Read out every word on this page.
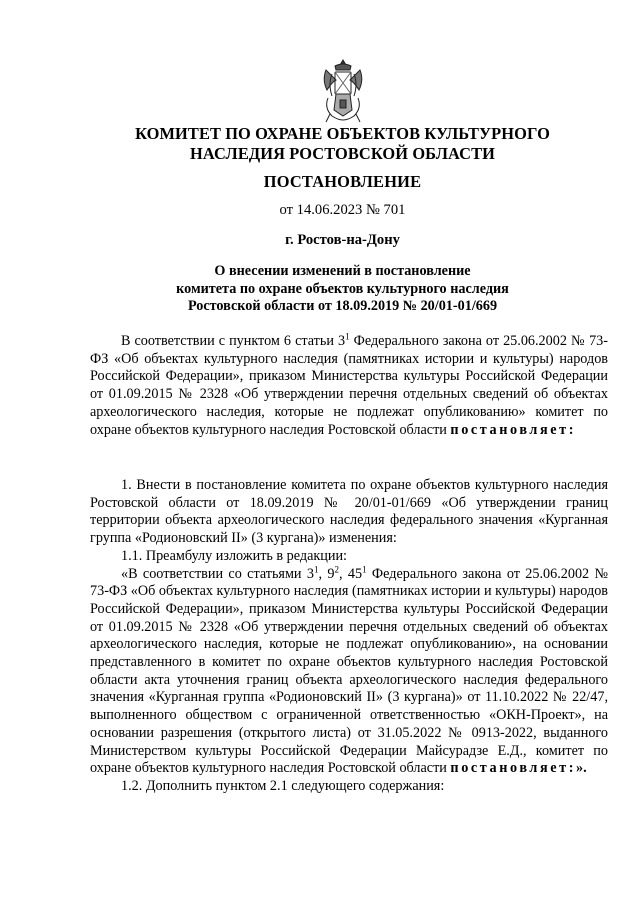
КОМИТЕТ ПО ОХРАНЕ ОБЪЕКТОВ КУЛЬТУРНОГО
НАСЛЕДИЯ РОСТОВСКОЙ ОБЛАСТИ
ПОСТАНОВЛЕНИЕ
от 14.06.2023 № 701
г. Ростов-на-Дону
О внесении изменений в постановление
комитета по охране объектов культурного наследия
Ростовской области от 18.09.2019 № 20/01-01/669
В соответствии с пунктом 6 статьи $3^1$ Федерального закона от 25.06.2002 № 73-ФЗ «Об объектах культурного наследия (памятниках истории и культуры) народов Российской Федерации», приказом Министерства культуры Российской Федерации от 01.09.2015 № 2328 «Об утверждении перечня отдельных сведений об объектах археологического наследия, которые не подлежат опубликованию» комитет по охране объектов культурного наследия Ростовской области постановляет:
1. Внести в постановление комитета по охране объектов культурного наследия Ростовской области от 18.09.2019 № 20/01-01/669 «Об утверждении границ территории объекта археологического наследия федерального значения «Курганная группа «Родионовский II» (3 кургана)» изменения:
1.1. Преамбулу изложить в редакции:
«В соответствии со статьями $3^1$, $9^2$, $45^1$ Федерального закона от 25.06.2002 № 73-ФЗ «Об объектах культурного наследия (памятниках истории и культуры) народов Российской Федерации», приказом Министерства культуры Российской Федерации от 01.09.2015 № 2328 «Об утверждении перечня отдельных сведений об объектах археологического наследия, которые не подлежат опубликованию», на основании представленного в комитет по охране объектов культурного наследия Ростовской области акта уточнения границ объекта археологического наследия федерального значения «Курганная группа «Родионовский II» (3 кургана)» от 11.10.2022 № 22/47, выполненного обществом с ограниченной ответственностью «ОКН-Проект», на основании разрешения (открытого листа) от 31.05.2022 № 0913-2022, выданного Министерством культуры Российской Федерации Майсурадзе Е.Д., комитет по охране объектов культурного наследия Ростовской области постановляет:».
1.2. Дополнить пунктом 2.1 следующего содержания:
